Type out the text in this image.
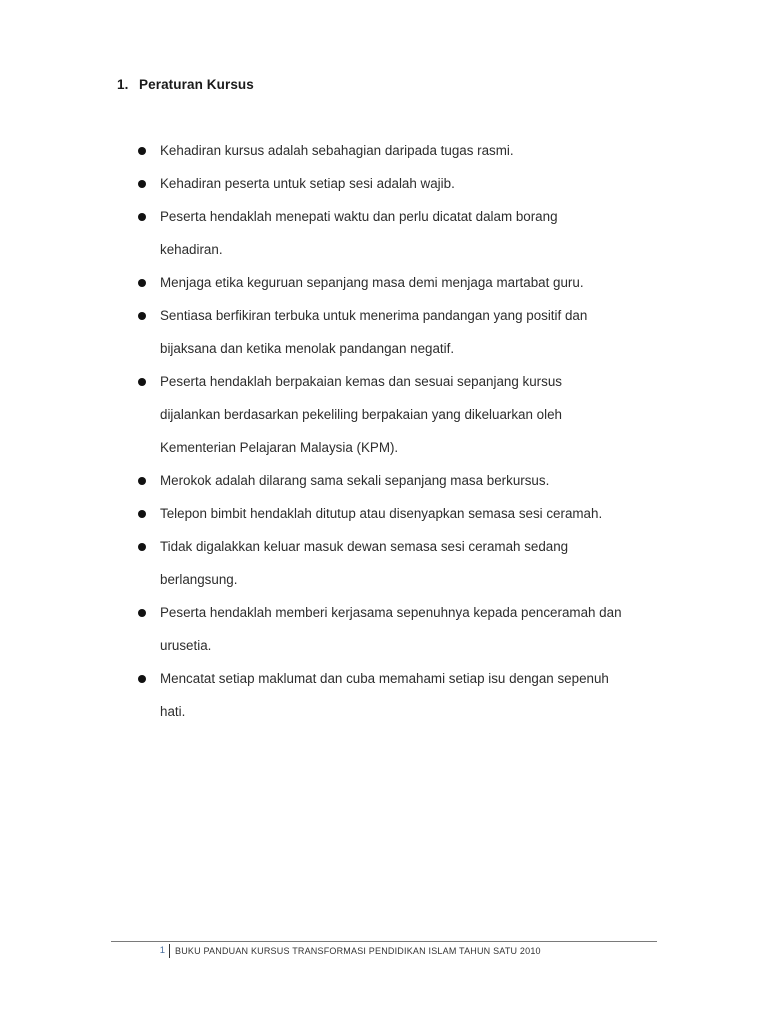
1. Peraturan Kursus
Kehadiran kursus adalah sebahagian daripada tugas rasmi.
Kehadiran peserta untuk setiap sesi adalah wajib.
Peserta hendaklah menepati waktu dan perlu dicatat dalam borang
kehadiran.
Menjaga etika keguruan sepanjang masa demi menjaga martabat guru.
Sentiasa berfikiran terbuka untuk menerima pandangan yang positif dan
bijaksana dan ketika menolak pandangan negatif.
Peserta hendaklah berpakaian kemas dan sesuai sepanjang kursus
dijalankan berdasarkan pekeliling berpakaian yang dikeluarkan oleh
Kementerian Pelajaran Malaysia (KPM).
Merokok adalah dilarang sama sekali sepanjang masa berkursus.
Telepon bimbit hendaklah ditutup atau disenyapkan semasa sesi ceramah.
Tidak digalakkan keluar masuk dewan semasa sesi ceramah sedang
berlangsung.
Peserta hendaklah memberi kerjasama sepenuhnya kepada penceramah dan
urusetia.
Mencatat setiap maklumat dan cuba memahami setiap isu dengan sepenuh
hati.
1 BUKU PANDUAN KURSUS TRANSFORMASI PENDIDIKAN ISLAM TAHUN SATU 2010
